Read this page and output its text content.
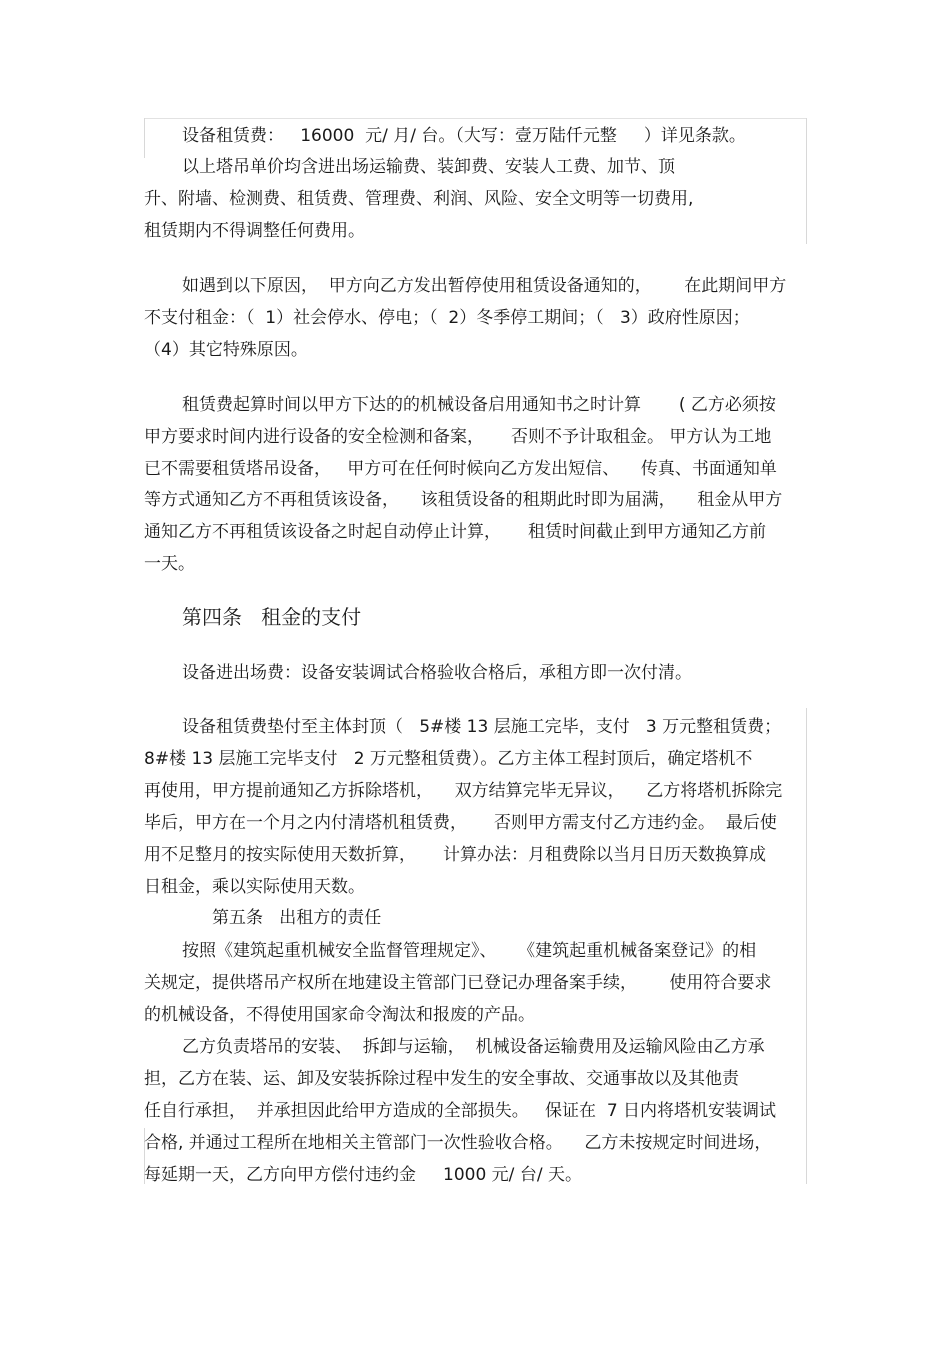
设备租赁费：   16000  元/ 月/ 台。（大写：壹万陆仟元整     ）详见条款。
以上塔吊单价均含进出场运输费、装卸费、安装人工费、加节、顶
升、附墙、检测费、租赁费、管理费、利润、风险、安全文明等一切费用,
租赁期内不得调整任何费用。
如遇到以下原因，  甲方向乙方发出暂停使用租赁设备通知的，      在此期间甲方
不支付租金：（  1）社会停水、停电；（  2）冬季停工期间；（   3）政府性原因；
（4）其它特殊原因。
租赁费起算时间以甲方下达的的机械设备启用通知书之时计算       ( 乙方必须按
甲方要求时间内进行设备的安全检测和备案，     否则不予计取租金。 甲方认为工地
已不需要租赁塔吊设备，   甲方可在任何时候向乙方发出短信、    传真、书面通知单
等方式通知乙方不再租赁该设备，    该租赁设备的租期此时即为届满，    租金从甲方
通知乙方不再租赁该设备之时起自动停止计算，     租赁时间截止到甲方通知乙方前
一天。
第四条   租金的支付
设备进出场费：设备安装调试合格验收合格后，承租方即一次付清。
设备租赁费垫付至主体封顶（   5#楼 13 层施工完毕，支付   3 万元整租赁费；
8#楼 13 层施工完毕支付   2 万元整租赁费）。乙方主体工程封顶后，确定塔机不
再使用，甲方提前通知乙方拆除塔机，    双方结算完毕无异议，    乙方将塔机拆除完
毕后，甲方在一个月之内付清塔机租赁费，     否则甲方需支付乙方违约金。  最后使
用不足整月的按实际使用天数折算，     计算办法：月租费除以当月日历天数换算成
日租金，乘以实际使用天数。
第五条   出租方的责任
按照《建筑起重机械安全监督管理规定》、    《建筑起重机械备案登记》的相
关规定，提供塔吊产权所在地建设主管部门已登记办理备案手续，      使用符合要求
的机械设备，不得使用国家命令淘汰和报废的产品。
乙方负责塔吊的安装、  拆卸与运输，  机械设备运输费用及运输风险由乙方承
担，乙方在装、运、卸及安装拆除过程中发生的安全事故、交通事故以及其他责
任自行承担，  并承担因此给甲方造成的全部损失。   保证在  7 日内将塔机安装调试
合格, 并通过工程所在地相关主管部门一次性验收合格。    乙方未按规定时间进场，
每延期一天，乙方向甲方偿付违约金     1000 元/ 台/ 天。
